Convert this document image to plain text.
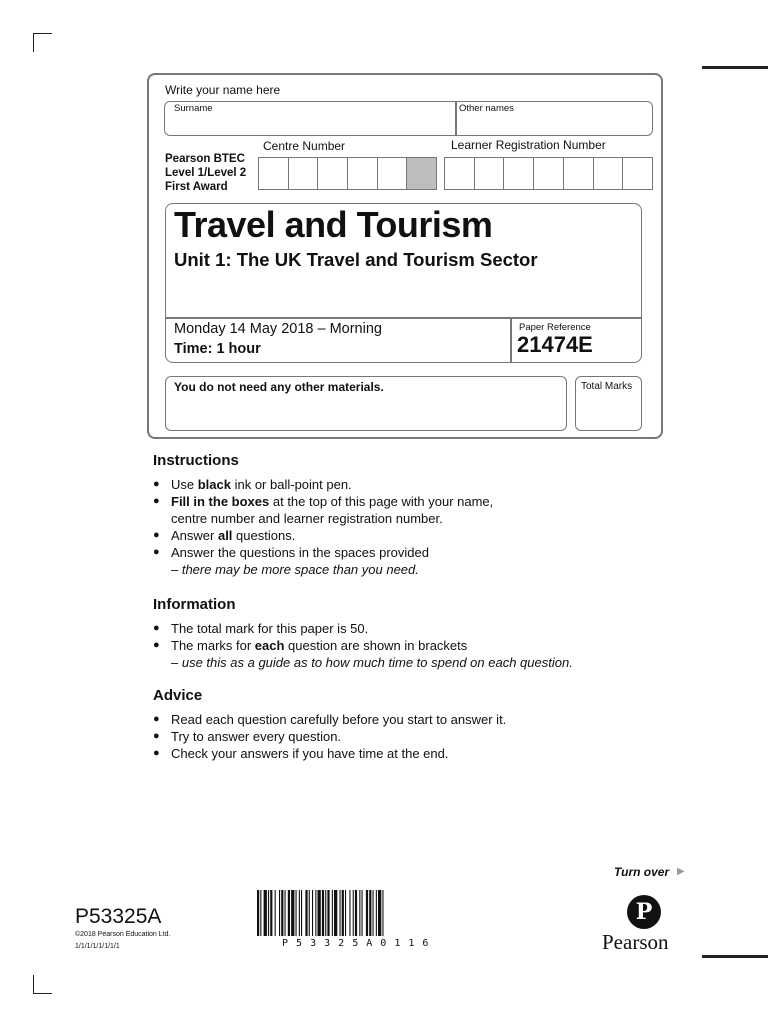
Write your name here
Surname	Other names
Pearson BTEC
Level 1/Level 2
First Award
Centre Number	Learner Registration Number
Travel and Tourism
Unit 1: The UK Travel and Tourism Sector
Monday 14 May 2018 – Morning
Time: 1 hour
Paper Reference
21474E
You do not need any other materials.	Total Marks
Instructions
● Use black ink or ball-point pen.
● Fill in the boxes at the top of this page with your name,
centre number and learner registration number.
● Answer all questions.
● Answer the questions in the spaces provided
– there may be more space than you need.
Information
● The total mark for this paper is 50.
● The marks for each question are shown in brackets
– use this as a guide as to how much time to spend on each question.
Advice
● Read each question carefully before you start to answer it.
● Try to answer every question.
● Check your answers if you have time at the end.
Turn over ▶
P53325A
©2018 Pearson Education Ltd.
1/1/1/1/1/1/1/1	P 5 3 3 2 5 A 0 1 1 6
P
Pearson
